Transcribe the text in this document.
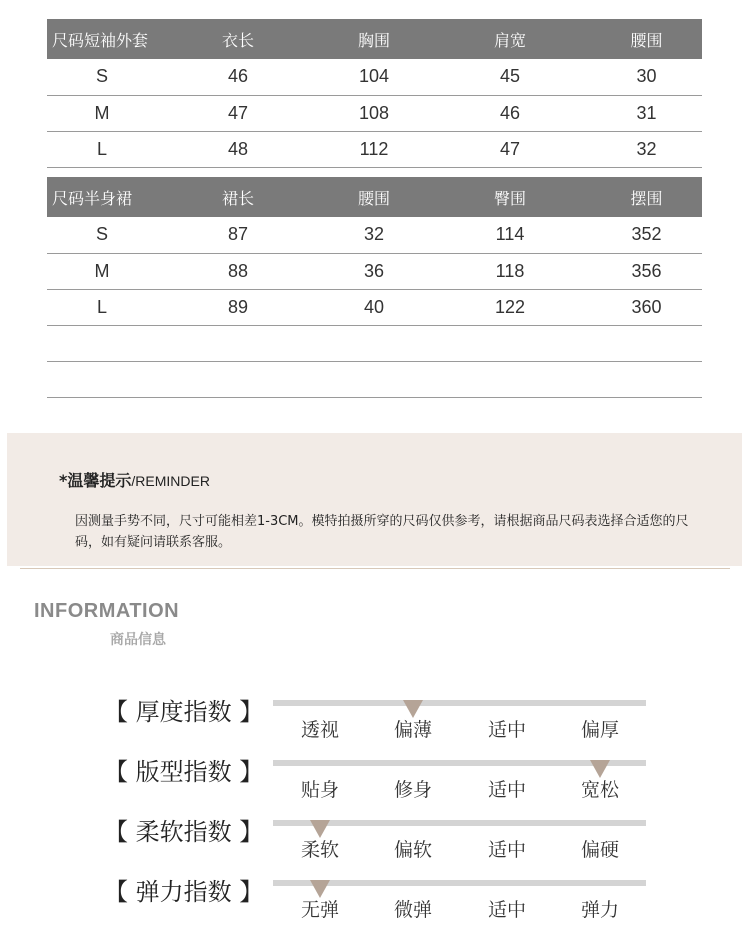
尺码短袖外套	衣长	胸围	肩宽	腰围
S	46	104	45	30
M	47	108	46	31
L	48	112	47	32
尺码半身裙	裙长	腰围	臀围	摆围
S	87	32	114	352
M	88	36	118	356
L	89	40	122	360

*温馨提示/REMINDER
因测量手势不同，尺寸可能相差1-3CM。模特拍摄所穿的尺码仅供参考，请根据商品尺码表选择合适您的尺码，如有疑问请联系客服。
INFORMATION
商品信息
【 厚度指数 】
透视	偏薄	适中	偏厚
【 版型指数 】
贴身	修身	适中	宽松
【 柔软指数 】
柔软	偏软	适中	偏硬
【 弹力指数 】
无弹	微弹	适中	弹力
